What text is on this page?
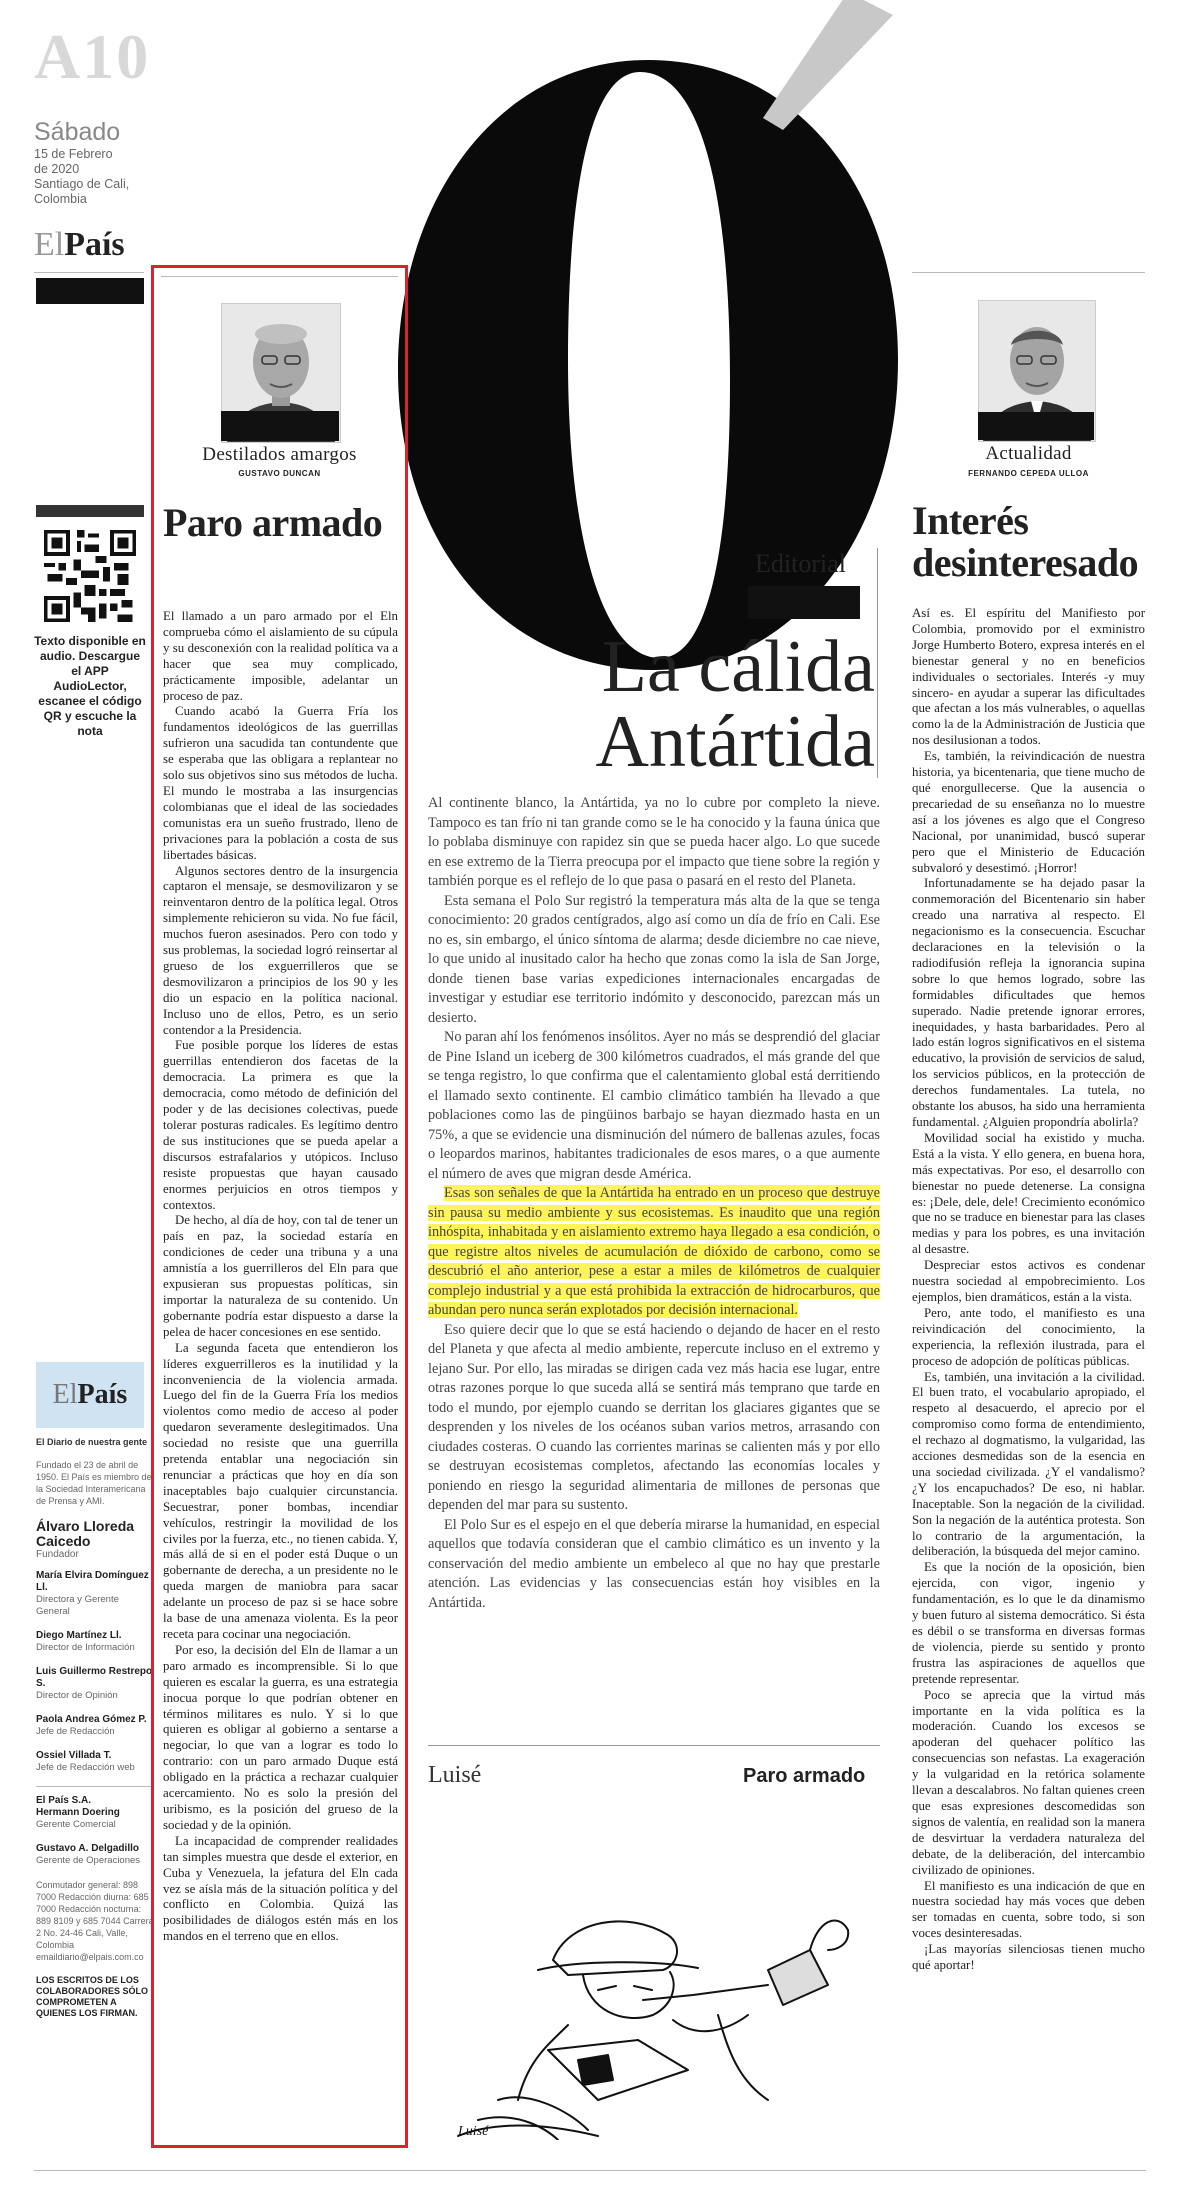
A10
Sábado
15 de Febrero
de 2020
Santiago de Cali,
Colombia
ElPaís
Texto disponible en audio. Descargue el APP AudioLector, escanee el código QR y escuche la nota
El País
El Diario de nuestra gente
Fundado el 23 de abril de 1950. El País es miembro de la Sociedad Interamericana de Prensa y AMI.
Álvaro Lloreda Caicedo
Fundador
María Elvira Domínguez Ll.
Directora y Gerente General
Diego Martínez Ll.
Director de Información
Luis Guillermo Restrepo S.
Director de Opinión
Paola Andrea Gómez P.
Jefe de Redacción
Ossiel Villada T.
Jefe de Redacción web
El País S.A.
Hermann Doering
Gerente Comercial
Gustavo A. Delgadillo
Gerente de Operaciones
Conmutador general: 898 7000 Redacción diurna: 685 7000 Redacción nocturna: 889 8109 y 685 7044 Carrera 2 No. 24-46 Cali, Valle, Colombia emaildiario@elpais.com.co
LOS ESCRITOS DE LOS COLABORADORES SÓLO COMPROMETEN A QUIENES LOS FIRMAN.
Destilados amargos
GUSTAVO DUNCAN
Paro armado

El llamado a un paro armado por el Eln comprueba cómo el aislamiento de su cúpula y su desconexión con la realidad política va a hacer que sea muy complicado, prácticamente imposible, adelantar un proceso de paz.

Cuando acabó la Guerra Fría los fundamentos ideológicos de las guerrillas sufrieron una sacudida tan contundente que se esperaba que las obligara a replantear no solo sus objetivos sino sus métodos de lucha. El mundo le mostraba a las insurgencias colombianas que el ideal de las sociedades comunistas era un sueño frustrado, lleno de privaciones para la población a costa de sus libertades básicas.

Algunos sectores dentro de la insurgencia captaron el mensaje, se desmovilizaron y se reinventaron dentro de la política legal. Otros simplemente rehicieron su vida. No fue fácil, muchos fueron asesinados. Pero con todo y sus problemas, la sociedad logró reinsertar al grueso de los exguerrilleros que se desmovilizaron a principios de los 90 y les dio un espacio en la política nacional. Incluso uno de ellos, Petro, es un serio contendor a la Presidencia.

Fue posible porque los líderes de estas guerrillas entendieron dos facetas de la democracia. La primera es que la democracia, como método de definición del poder y de las decisiones colectivas, puede tolerar posturas radicales. Es legítimo dentro de sus instituciones que se pueda apelar a discursos estrafalarios y utópicos. Incluso resiste propuestas que hayan causado enormes perjuicios en otros tiempos y contextos.

De hecho, al día de hoy, con tal de tener un país en paz, la sociedad estaría en condiciones de ceder una tribuna y a una amnistía a los guerrilleros del Eln para que expusieran sus propuestas políticas, sin importar la naturaleza de su contenido. Un gobernante podría estar dispuesto a darse la pelea de hacer concesiones en ese sentido.

La segunda faceta que entendieron los líderes exguerrilleros es la inutilidad y la inconveniencia de la violencia armada. Luego del fin de la Guerra Fría los medios violentos como medio de acceso al poder quedaron severamente deslegitimados. Una sociedad no resiste que una guerrilla pretenda entablar una negociación sin renunciar a prácticas que hoy en día son inaceptables bajo cualquier circunstancia. Secuestrar, poner bombas, incendiar vehículos, restringir la movilidad de los civiles por la fuerza, etc., no tienen cabida. Y, más allá de si en el poder está Duque o un gobernante de derecha, a un presidente no le queda margen de maniobra para sacar adelante un proceso de paz si se hace sobre la base de una amenaza violenta. Es la peor receta para cocinar una negociación.

Por eso, la decisión del Eln de llamar a un paro armado es incomprensible. Si lo que quieren es escalar la guerra, es una estrategia inocua porque lo que podrían obtener en términos militares es nulo. Y si lo que quieren es obligar al gobierno a sentarse a negociar, lo que van a lograr es todo lo contrario: con un paro armado Duque está obligado en la práctica a rechazar cualquier acercamiento. No es solo la presión del uribismo, es la posición del grueso de la sociedad y de la opinión.

La incapacidad de comprender realidades tan simples muestra que desde el exterior, en Cuba y Venezuela, la jefatura del Eln cada vez se aísla más de la situación política y del conflicto en Colombia. Quizá las posibilidades de diálogos estén más en los mandos en el terreno que en ellos.

Editorial
La cálida
Antártida

Al continente blanco, la Antártida, ya no lo cubre por completo la nieve. Tampoco es tan frío ni tan grande como se le ha conocido y la fauna única que lo poblaba disminuye con rapidez sin que se pueda hacer algo. Lo que sucede en ese extremo de la Tierra preocupa por el impacto que tiene sobre la región y también porque es el reflejo de lo que pasa o pasará en el resto del Planeta.

Esta semana el Polo Sur registró la temperatura más alta de la que se tenga conocimiento: 20 grados centígrados, algo así como un día de frío en Cali. Ese no es, sin embargo, el único síntoma de alarma; desde diciembre no cae nieve, lo que unido al inusitado calor ha hecho que zonas como la isla de San Jorge, donde tienen base varias expediciones internacionales encargadas de investigar y estudiar ese territorio indómito y desconocido, parezcan más un desierto.

No paran ahí los fenómenos insólitos. Ayer no más se desprendió del glaciar de Pine Island un iceberg de 300 kilómetros cuadrados, el más grande del que se tenga registro, lo que confirma que el calentamiento global está derritiendo el llamado sexto continente. El cambio climático también ha llevado a que poblaciones como las de pingüinos barbajo se hayan diezmado hasta en un 75%, a que se evidencie una disminución del número de ballenas azules, focas o leopardos marinos, habitantes tradicionales de esos mares, o a que aumente el número de aves que migran desde América.

Esas son señales de que la Antártida ha entrado en un proceso que destruye sin pausa su medio ambiente y sus ecosistemas. Es inaudito que una región inhóspita, inhabitada y en aislamiento extremo haya llegado a esa condición, o que registre altos niveles de acumulación de dióxido de carbono, como se descubrió el año anterior, pese a estar a miles de kilómetros de cualquier complejo industrial y a que está prohibida la extracción de hidrocarburos, que abundan pero nunca serán explotados por decisión internacional.

Eso quiere decir que lo que se está haciendo o dejando de hacer en el resto del Planeta y que afecta al medio ambiente, repercute incluso en el extremo y lejano Sur. Por ello, las miradas se dirigen cada vez más hacia ese lugar, entre otras razones porque lo que suceda allá se sentirá más temprano que tarde en todo el mundo, por ejemplo cuando se derritan los glaciares gigantes que se desprenden y los niveles de los océanos suban varios metros, arrasando con ciudades costeras. O cuando las corrientes marinas se calienten más y por ello se destruyan ecosistemas completos, afectando las economías locales y poniendo en riesgo la seguridad alimentaria de millones de personas que dependen del mar para su sustento.

El Polo Sur es el espejo en el que debería mirarse la humanidad, en especial aquellos que todavía consideran que el cambio climático es un invento y la conservación del medio ambiente un embeleco al que no hay que prestarle atención. Las evidencias y las consecuencias están hoy visibles en la Antártida.

Luisé	Paro armado
Luisé
Actualidad
FERNANDO CEPEDA ULLOA
Interés desinteresado

Así es. El espíritu del Manifiesto por Colombia, promovido por el exministro Jorge Humberto Botero, expresa interés en el bienestar general y no en beneficios individuales o sectoriales. Interés -y muy sincero- en ayudar a superar las dificultades que afectan a los más vulnerables, o aquellas como la de la Administración de Justicia que nos desilusionan a todos.

Es, también, la reivindicación de nuestra historia, ya bicentenaria, que tiene mucho de qué enorgullecerse. Que la ausencia o precariedad de su enseñanza no lo muestre así a los jóvenes es algo que el Congreso Nacional, por unanimidad, buscó superar pero que el Ministerio de Educación subvaloró y desestimó. ¡Horror!

Infortunadamente se ha dejado pasar la conmemoración del Bicentenario sin haber creado una narrativa al respecto. El negacionismo es la consecuencia. Escuchar declaraciones en la televisión o la radiodifusión refleja la ignorancia supina sobre lo que hemos logrado, sobre las formidables dificultades que hemos superado. Nadie pretende ignorar errores, inequidades, y hasta barbaridades. Pero al lado están logros significativos en el sistema educativo, la provisión de servicios de salud, los servicios públicos, en la protección de derechos fundamentales. La tutela, no obstante los abusos, ha sido una herramienta fundamental. ¿Alguien propondría abolirla?

Movilidad social ha existido y mucha. Está a la vista. Y ello genera, en buena hora, más expectativas. Por eso, el desarrollo con bienestar no puede detenerse. La consigna es: ¡Dele, dele, dele! Crecimiento económico que no se traduce en bienestar para las clases medias y para los pobres, es una invitación al desastre.

Despreciar estos activos es condenar nuestra sociedad al empobrecimiento. Los ejemplos, bien dramáticos, están a la vista.

Pero, ante todo, el manifiesto es una reivindicación del conocimiento, la experiencia, la reflexión ilustrada, para el proceso de adopción de políticas públicas.

Es, también, una invitación a la civilidad. El buen trato, el vocabulario apropiado, el respeto al desacuerdo, el aprecio por el compromiso como forma de entendimiento, el rechazo al dogmatismo, la vulgaridad, las acciones desmedidas son de la esencia en una sociedad civilizada. ¿Y el vandalismo? ¿Y los encapuchados? De eso, ni hablar. Inaceptable. Son la negación de la civilidad. Son la negación de la auténtica protesta. Son lo contrario de la argumentación, la deliberación, la búsqueda del mejor camino.

Es que la noción de la oposición, bien ejercida, con vigor, ingenio y fundamentación, es lo que le da dinamismo y buen futuro al sistema democrático. Si ésta es débil o se transforma en diversas formas de violencia, pierde su sentido y pronto frustra las aspiraciones de aquellos que pretende representar.

Poco se aprecia que la virtud más importante en la vida política es la moderación. Cuando los excesos se apoderan del quehacer político las consecuencias son nefastas. La exageración y la vulgaridad en la retórica solamente llevan a descalabros. No faltan quienes creen que esas expresiones descomedidas son signos de valentía, en realidad son la manera de desvirtuar la verdadera naturaleza del debate, de la deliberación, del intercambio civilizado de opiniones.

El manifiesto es una indicación de que en nuestra sociedad hay más voces que deben ser tomadas en cuenta, sobre todo, si son voces desinteresadas.

¡Las mayorías silenciosas tienen mucho qué aportar!
